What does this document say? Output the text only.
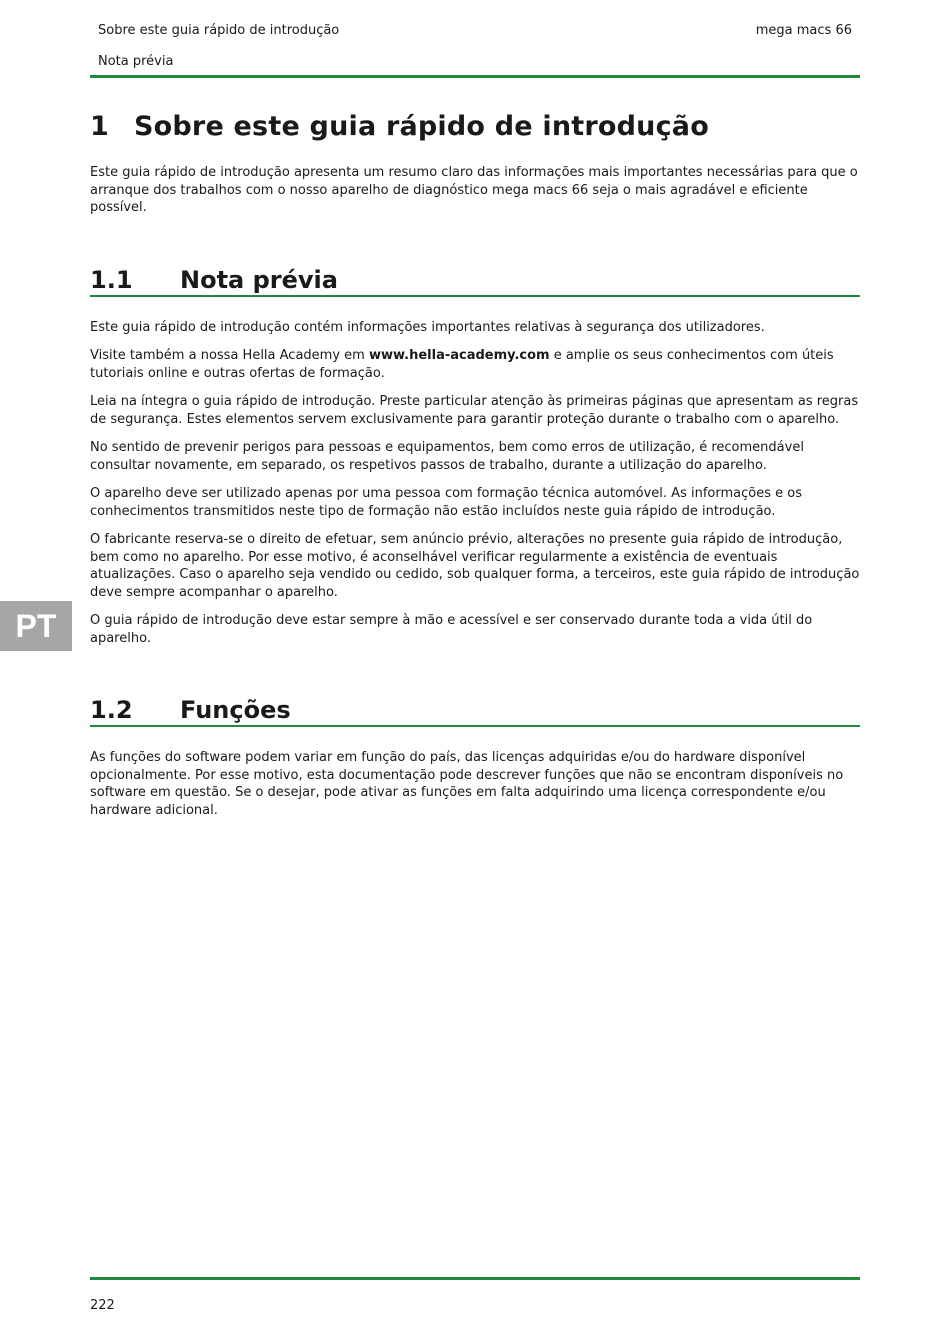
Sobre este guia rápido de introdução
Nota prévia
mega macs 66
PT
1 Sobre este guia rápido de introdução

Este guia rápido de introdução apresenta um resumo claro das informações mais importantes necessárias para que o arranque dos trabalhos com o nosso aparelho de diagnóstico mega macs 66 seja o mais agradável e eficiente possível.

1.1 Nota prévia

Este guia rápido de introdução contém informações importantes relativas à segurança dos utilizadores.

Visite também a nossa Hella Academy em www.hella-academy.com e amplie os seus conhecimentos com úteis tutoriais online e outras ofertas de formação.

Leia na íntegra o guia rápido de introdução. Preste particular atenção às primeiras páginas que apresentam as regras de segurança. Estes elementos servem exclusivamente para garantir proteção durante o trabalho com o aparelho.

No sentido de prevenir perigos para pessoas e equipamentos, bem como erros de utilização, é recomendável consultar novamente, em separado, os respetivos passos de trabalho, durante a utilização do aparelho.

O aparelho deve ser utilizado apenas por uma pessoa com formação técnica automóvel. As informações e os conhecimentos transmitidos neste tipo de formação não estão incluídos neste guia rápido de introdução.

O fabricante reserva-se o direito de efetuar, sem anúncio prévio, alterações no presente guia rápido de introdução, bem como no aparelho. Por esse motivo, é aconselhável verificar regularmente a existência de eventuais atualizações. Caso o aparelho seja vendido ou cedido, sob qualquer forma, a terceiros, este guia rápido de introdução deve sempre acompanhar o aparelho.

O guia rápido de introdução deve estar sempre à mão e acessível e ser conservado durante toda a vida útil do aparelho.

1.2 Funções

As funções do software podem variar em função do país, das licenças adquiridas e/ou do hardware disponível opcionalmente. Por esse motivo, esta documentação pode descrever funções que não se encontram disponíveis no software em questão. Se o desejar, pode ativar as funções em falta adquirindo uma licença correspondente e/ou hardware adicional.

222
